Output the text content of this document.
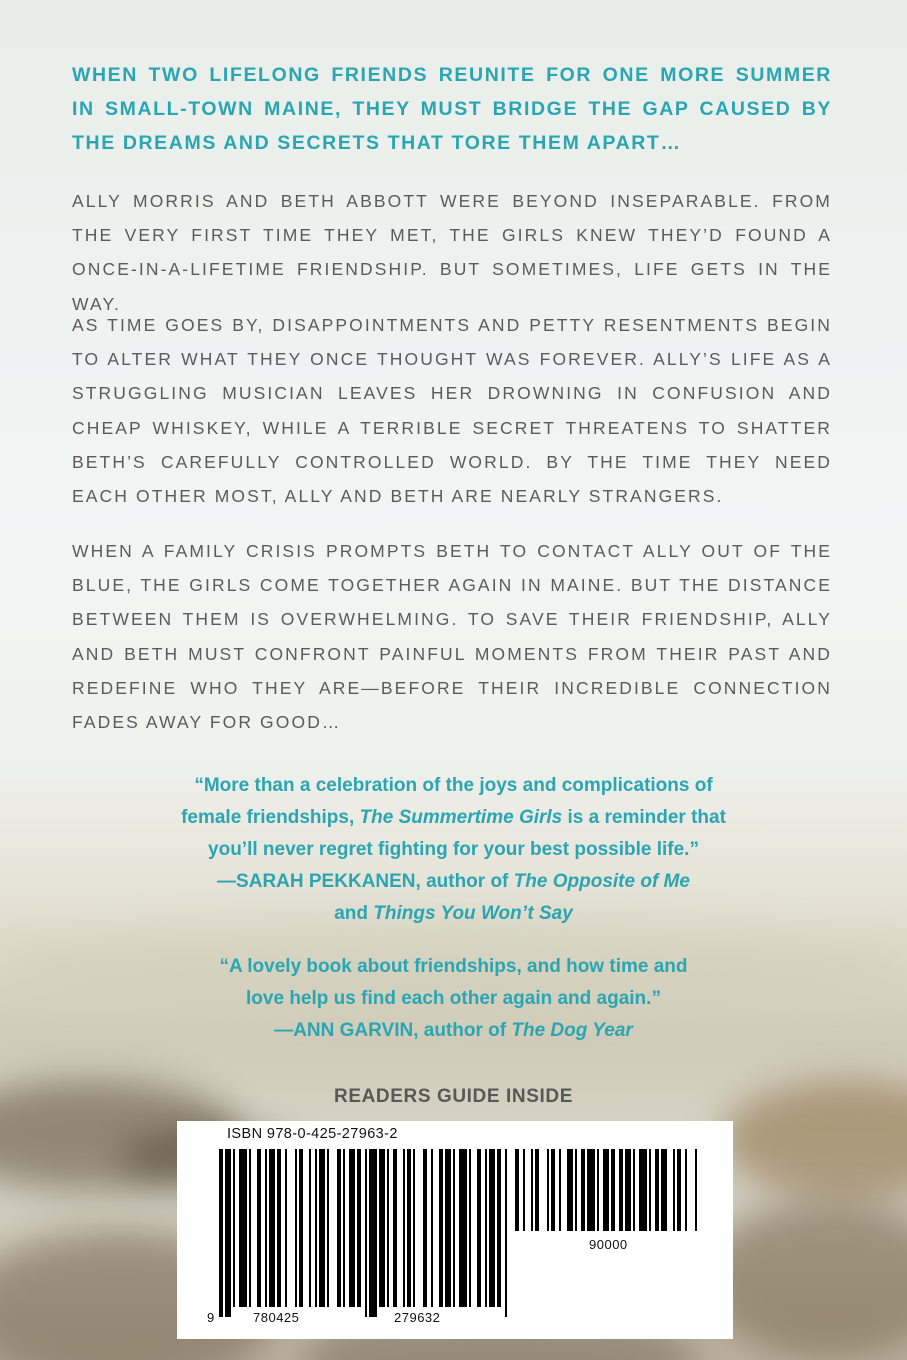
WHEN TWO LIFELONG FRIENDS REUNITE FOR ONE MORE SUMMER IN SMALL-TOWN MAINE, THEY MUST BRIDGE THE GAP CAUSED BY THE DREAMS AND SECRETS THAT TORE THEM APART…

ALLY MORRIS AND BETH ABBOTT WERE BEYOND INSEPARABLE. FROM THE VERY FIRST TIME THEY MET, THE GIRLS KNEW THEY’D FOUND A ONCE-IN-A-LIFETIME FRIENDSHIP. BUT SOMETIMES, LIFE GETS IN THE WAY.

AS TIME GOES BY, DISAPPOINTMENTS AND PETTY RESENTMENTS BEGIN TO ALTER WHAT THEY ONCE THOUGHT WAS FOREVER. ALLY’S LIFE AS A STRUGGLING MUSICIAN LEAVES HER DROWNING IN CONFUSION AND CHEAP WHISKEY, WHILE A TERRIBLE SECRET THREATENS TO SHATTER BETH’S CAREFULLY CONTROLLED WORLD. BY THE TIME THEY NEED EACH OTHER MOST, ALLY AND BETH ARE NEARLY STRANGERS.

WHEN A FAMILY CRISIS PROMPTS BETH TO CONTACT ALLY OUT OF THE BLUE, THE GIRLS COME TOGETHER AGAIN IN MAINE. BUT THE DISTANCE BETWEEN THEM IS OVERWHELMING. TO SAVE THEIR FRIENDSHIP, ALLY AND BETH MUST CONFRONT PAINFUL MOMENTS FROM THEIR PAST AND REDEFINE WHO THEY ARE—BEFORE THEIR INCREDIBLE CONNECTION FADES AWAY FOR GOOD…

“More than a celebration of the joys and complications of
female friendships, The Summertime Girls is a reminder that
you’ll never regret fighting for your best possible life.”
—SARAH PEKKANEN, author of The Opposite of Me
and Things You Won’t Say
“A lovely book about friendships, and how time and
love help us find each other again and again.”
—ANN GARVIN, author of The Dog Year
READERS GUIDE INSIDE
ISBN 978-0-425-27963-2
9	780425	279632
90000
